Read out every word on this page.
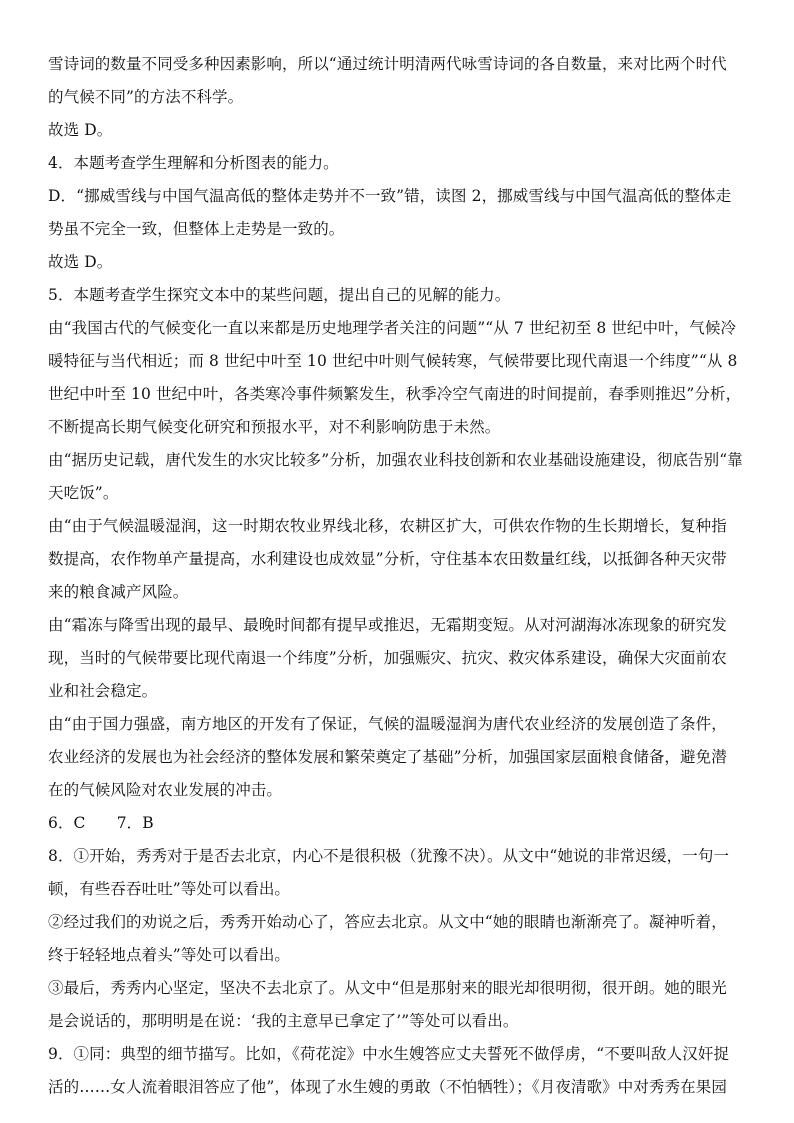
雪诗词的数量不同受多种因素影响，所以“通过统计明清两代咏雪诗词的各自数量，来对比两个时代
的气候不同”的方法不科学。
故选 D。
4．本题考查学生理解和分析图表的能力。
D．“挪威雪线与中国气温高低的整体走势并不一致”错，读图 2，挪威雪线与中国气温高低的整体走
势虽不完全一致，但整体上走势是一致的。
故选 D。
5．本题考查学生探究文本中的某些问题，提出自己的见解的能力。
由“我国古代的气候变化一直以来都是历史地理学者关注的问题”“从 7 世纪初至 8 世纪中叶，气候冷
暖特征与当代相近；而 8 世纪中叶至 10 世纪中叶则气候转寒，气候带要比现代南退一个纬度”“从 8
世纪中叶至 10 世纪中叶，各类寒冷事件频繁发生，秋季冷空气南进的时间提前，春季则推迟”分析，
不断提高长期气候变化研究和预报水平，对不利影响防患于未然。
由“据历史记载，唐代发生的水灾比较多”分析，加强农业科技创新和农业基础设施建设，彻底告别“靠
天吃饭”。
由“由于气候温暖湿润，这一时期农牧业界线北移，农耕区扩大，可供农作物的生长期增长，复种指
数提高，农作物单产量提高，水利建设也成效显”分析，守住基本农田数量红线，以抵御各种天灾带
来的粮食减产风险。
由“霜冻与降雪出现的最早、最晚时间都有提早或推迟，无霜期变短。从对河湖海冰冻现象的研究发
现，当时的气候带要比现代南退一个纬度”分析，加强赈灾、抗灾、救灾体系建设，确保大灾面前农
业和社会稳定。
由“由于国力强盛，南方地区的开发有了保证，气候的温暖湿润为唐代农业经济的发展创造了条件，
农业经济的发展也为社会经济的整体发展和繁荣奠定了基础”分析，加强国家层面粮食储备，避免潜
在的气候风险对农业发展的冲击。
6．C　　7．B
8．①开始，秀秀对于是否去北京，内心不是很积极（犹豫不决）。从文中“她说的非常迟缓，一句一
顿，有些吞吞吐吐”等处可以看出。
②经过我们的劝说之后，秀秀开始动心了，答应去北京。从文中“她的眼睛也渐渐亮了。凝神听着，
终于轻轻地点着头”等处可以看出。
③最后，秀秀内心坚定，坚决不去北京了。从文中“但是那射来的眼光却很明彻，很开朗。她的眼光
是会说话的，那明明是在说：‘我的主意早已拿定了’”等处可以看出。
9．①同：典型的细节描写。比如，《荷花淀》中水生嫂答应丈夫誓死不做俘虏，“不要叫敌人汉奸捉
活的……女人流着眼泪答应了他”，体现了水生嫂的勇敢（不怕牺牲）；《月夜清歌》中对秀秀在果园
